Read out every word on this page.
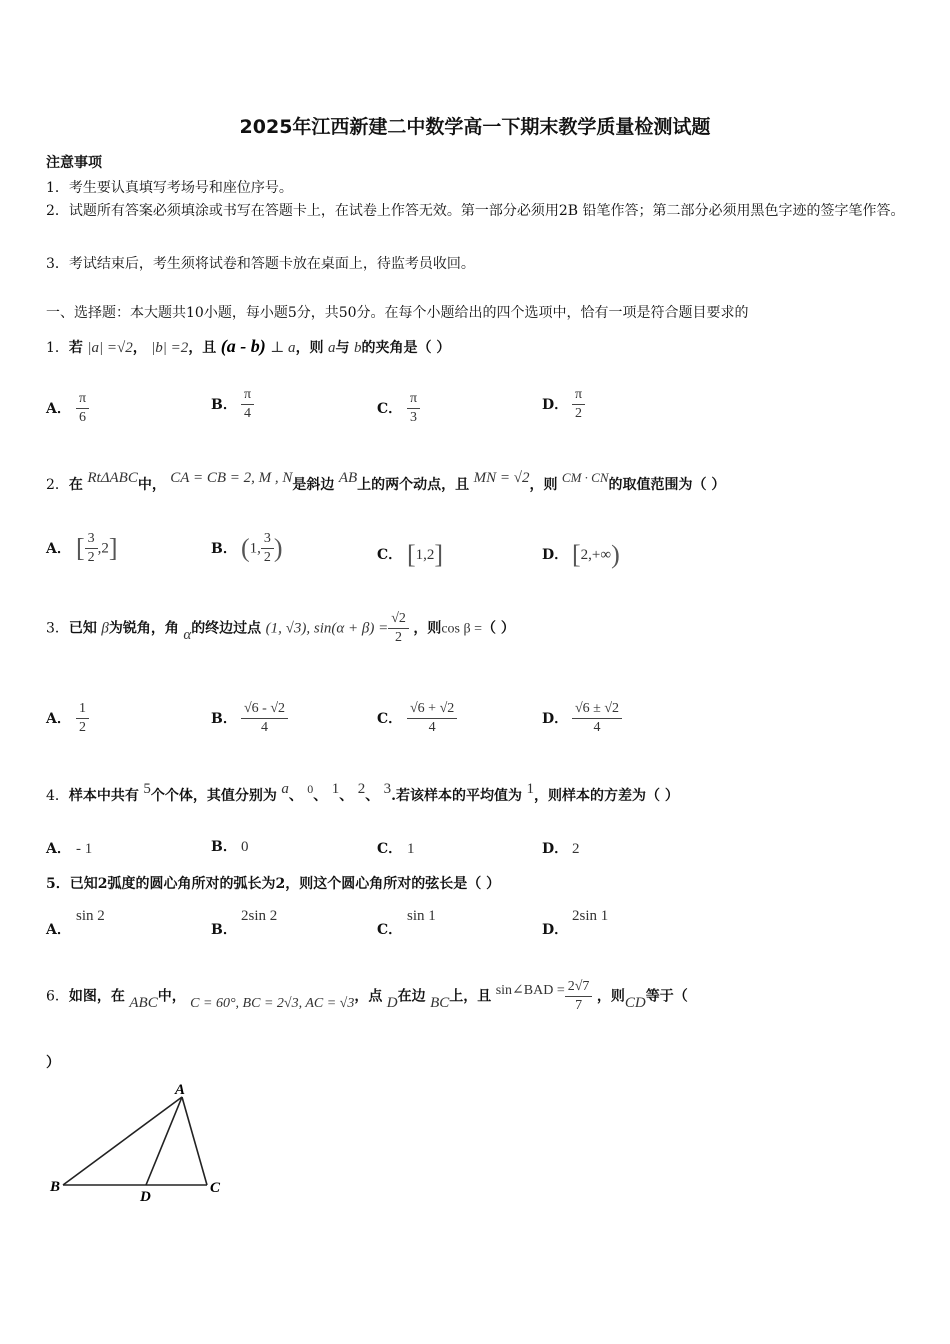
2025年江西新建二中数学高一下期末教学质量检测试题
注意事项
1．考生要认真填写考场号和座位序号。
2．试题所有答案必须填涂或书写在答题卡上，在试卷上作答无效。第一部分必须用2B 铅笔作答；第二部分必须用黑色字迹的签字笔作答。
3．考试结束后，考生须将试卷和答题卡放在桌面上，待监考员收回。
一、选择题：本大题共10小题，每小题5分，共50分。在每个小题给出的四个选项中，恰有一项是符合题目要求的
1．若 |a| =√2， |b| =2，且 (a - b) ⊥ a，则 a与 b的夹角是（ ）
A． $\frac{\pi}{6}$	B． $\frac{\pi}{4}$	C． $\frac{\pi}{3}$	D． $\frac{\pi}{2}$
2．在 RtΔABC中， CA = CB = 2, M , N是斜边 AB上的两个动点，且 MN = √2，则 CM · CN的取值范围为（ ）
A． [ $\frac{3}{2} ,2$]	B． (1, $\frac{3}{2}$ )	C． [1,2]	D． [2,+∞)
3．已知 β为锐角，角 α的终边过点 (1, √3), $\sin(\alpha + \beta) = \frac{√2}{2}$ ，则cos β =（ ）
A． $\frac{1}{2}$	B． $\frac{√6 - √2}{4}$	C． $\frac{√6 + √2}{4}$	D． $\frac{√6 \pm √2}{4}$
4．样本中共有 5个个体，其值分别为 a、 0、 1、 2、 3.若该样本的平均值为 1，则样本的方差为（ ）
A． - 1	B． 0	C． 1	D． 2
5．已知2弧度的圆心角所对的弧长为2，则这个圆心角所对的弦长是（ ）
A．sin 2
B．2sin 2
C．sin 1
D．2sin 1
6．如图，在 ABC中， C = 60°, BC = 2√3, AC = √3，点 D在边 BC上，且 sin∠BAD = $\frac{2√7}{7}$ ，则CD等于（
）
A
B	C
D
